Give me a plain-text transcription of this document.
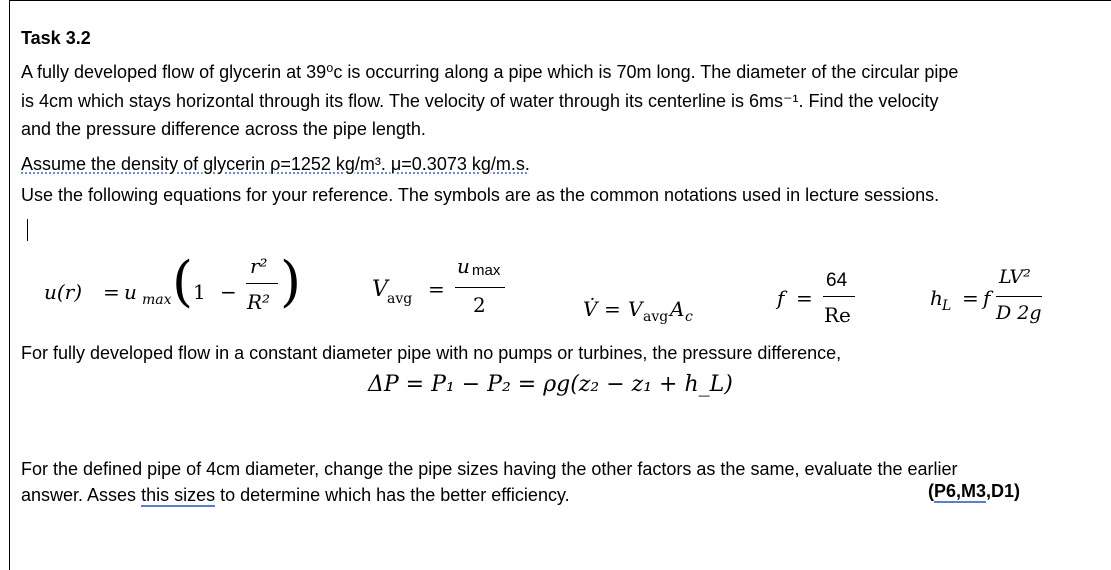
Task 3.2
A fully developed flow of glycerin at 39⁰c is occurring along a pipe which is 70m long. The diameter of the circular pipe
is 4cm which stays horizontal through its flow. The velocity of water through its centerline is 6ms⁻¹. Find the velocity
and the pressure difference across the pipe length.
Assume the density of glycerin ρ=1252 kg/m³. μ=0.3073 kg/m.s.
Use the following equations for your reference. The symbols are as the common notations used in lecture sessions.
u(r) = u max ( 1 −
r²
R² )	V avg =
u max
2	V̇ = V avg A c
f =
64
Re
h L = f
LV²
D 2g
For fully developed flow in a constant diameter pipe with no pumps or turbines, the pressure difference,
ΔP = P₁ − P₂ = ρg(z₂ − z₁ + h_L)
For the defined pipe of 4cm diameter, change the pipe sizes having the other factors as the same, evaluate the earlier
answer. Asses this sizes to determine which has the better efficiency.	(P6,M3,D1)
